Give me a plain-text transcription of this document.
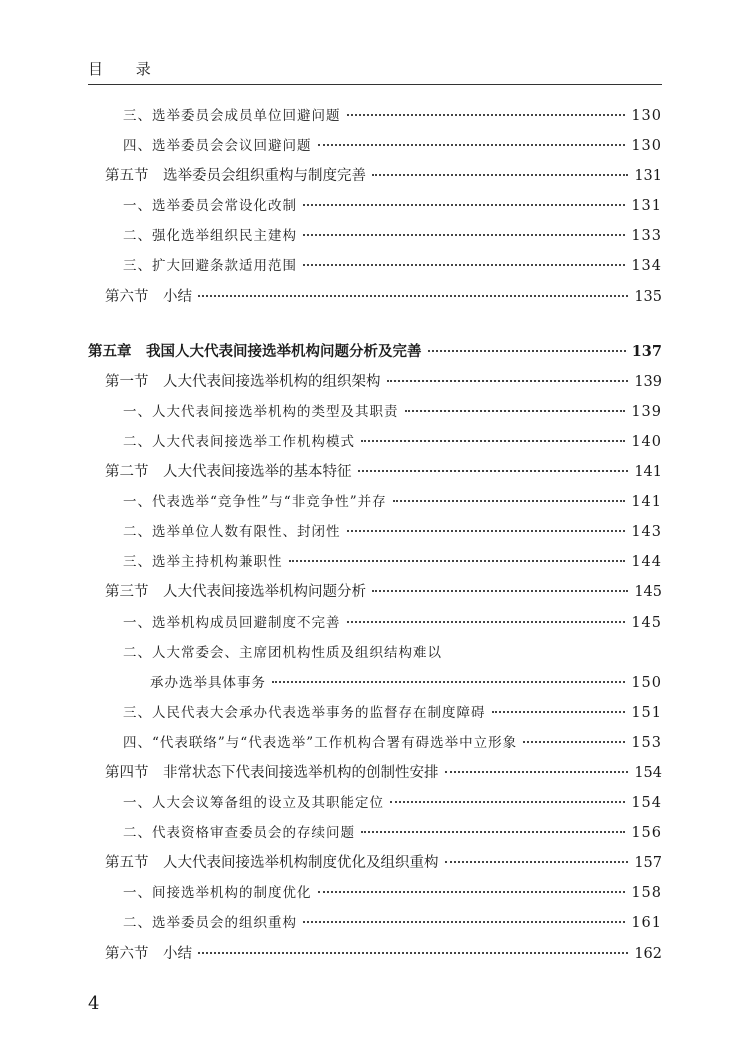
目 录
三、选举委员会成员单位回避问题	130
四、选举委员会会议回避问题	130
第五节　选举委员会组织重构与制度完善	131
一、选举委员会常设化改制	131
二、强化选举组织民主建构	133
三、扩大回避条款适用范围	134
第六节　小结	135
第五章　我国人大代表间接选举机构问题分析及完善	137
第一节　人大代表间接选举机构的组织架构	139
一、人大代表间接选举机构的类型及其职责	139
二、人大代表间接选举工作机构模式	140
第二节　人大代表间接选举的基本特征	141
一、代表选举“竞争性”与“非竞争性”并存	141
二、选举单位人数有限性、封闭性	143
三、选举主持机构兼职性	144
第三节　人大代表间接选举机构问题分析	145
一、选举机构成员回避制度不完善	145
二、人大常委会、主席团机构性质及组织结构难以
承办选举具体事务	150
三、人民代表大会承办代表选举事务的监督存在制度障碍	151
四、“代表联络”与“代表选举”工作机构合署有碍选举中立形象	153
第四节　非常状态下代表间接选举机构的创制性安排	154
一、人大会议筹备组的设立及其职能定位	154
二、代表资格审查委员会的存续问题	156
第五节　人大代表间接选举机构制度优化及组织重构	157
一、间接选举机构的制度优化	158
二、选举委员会的组织重构	161
第六节　小结	162
4
